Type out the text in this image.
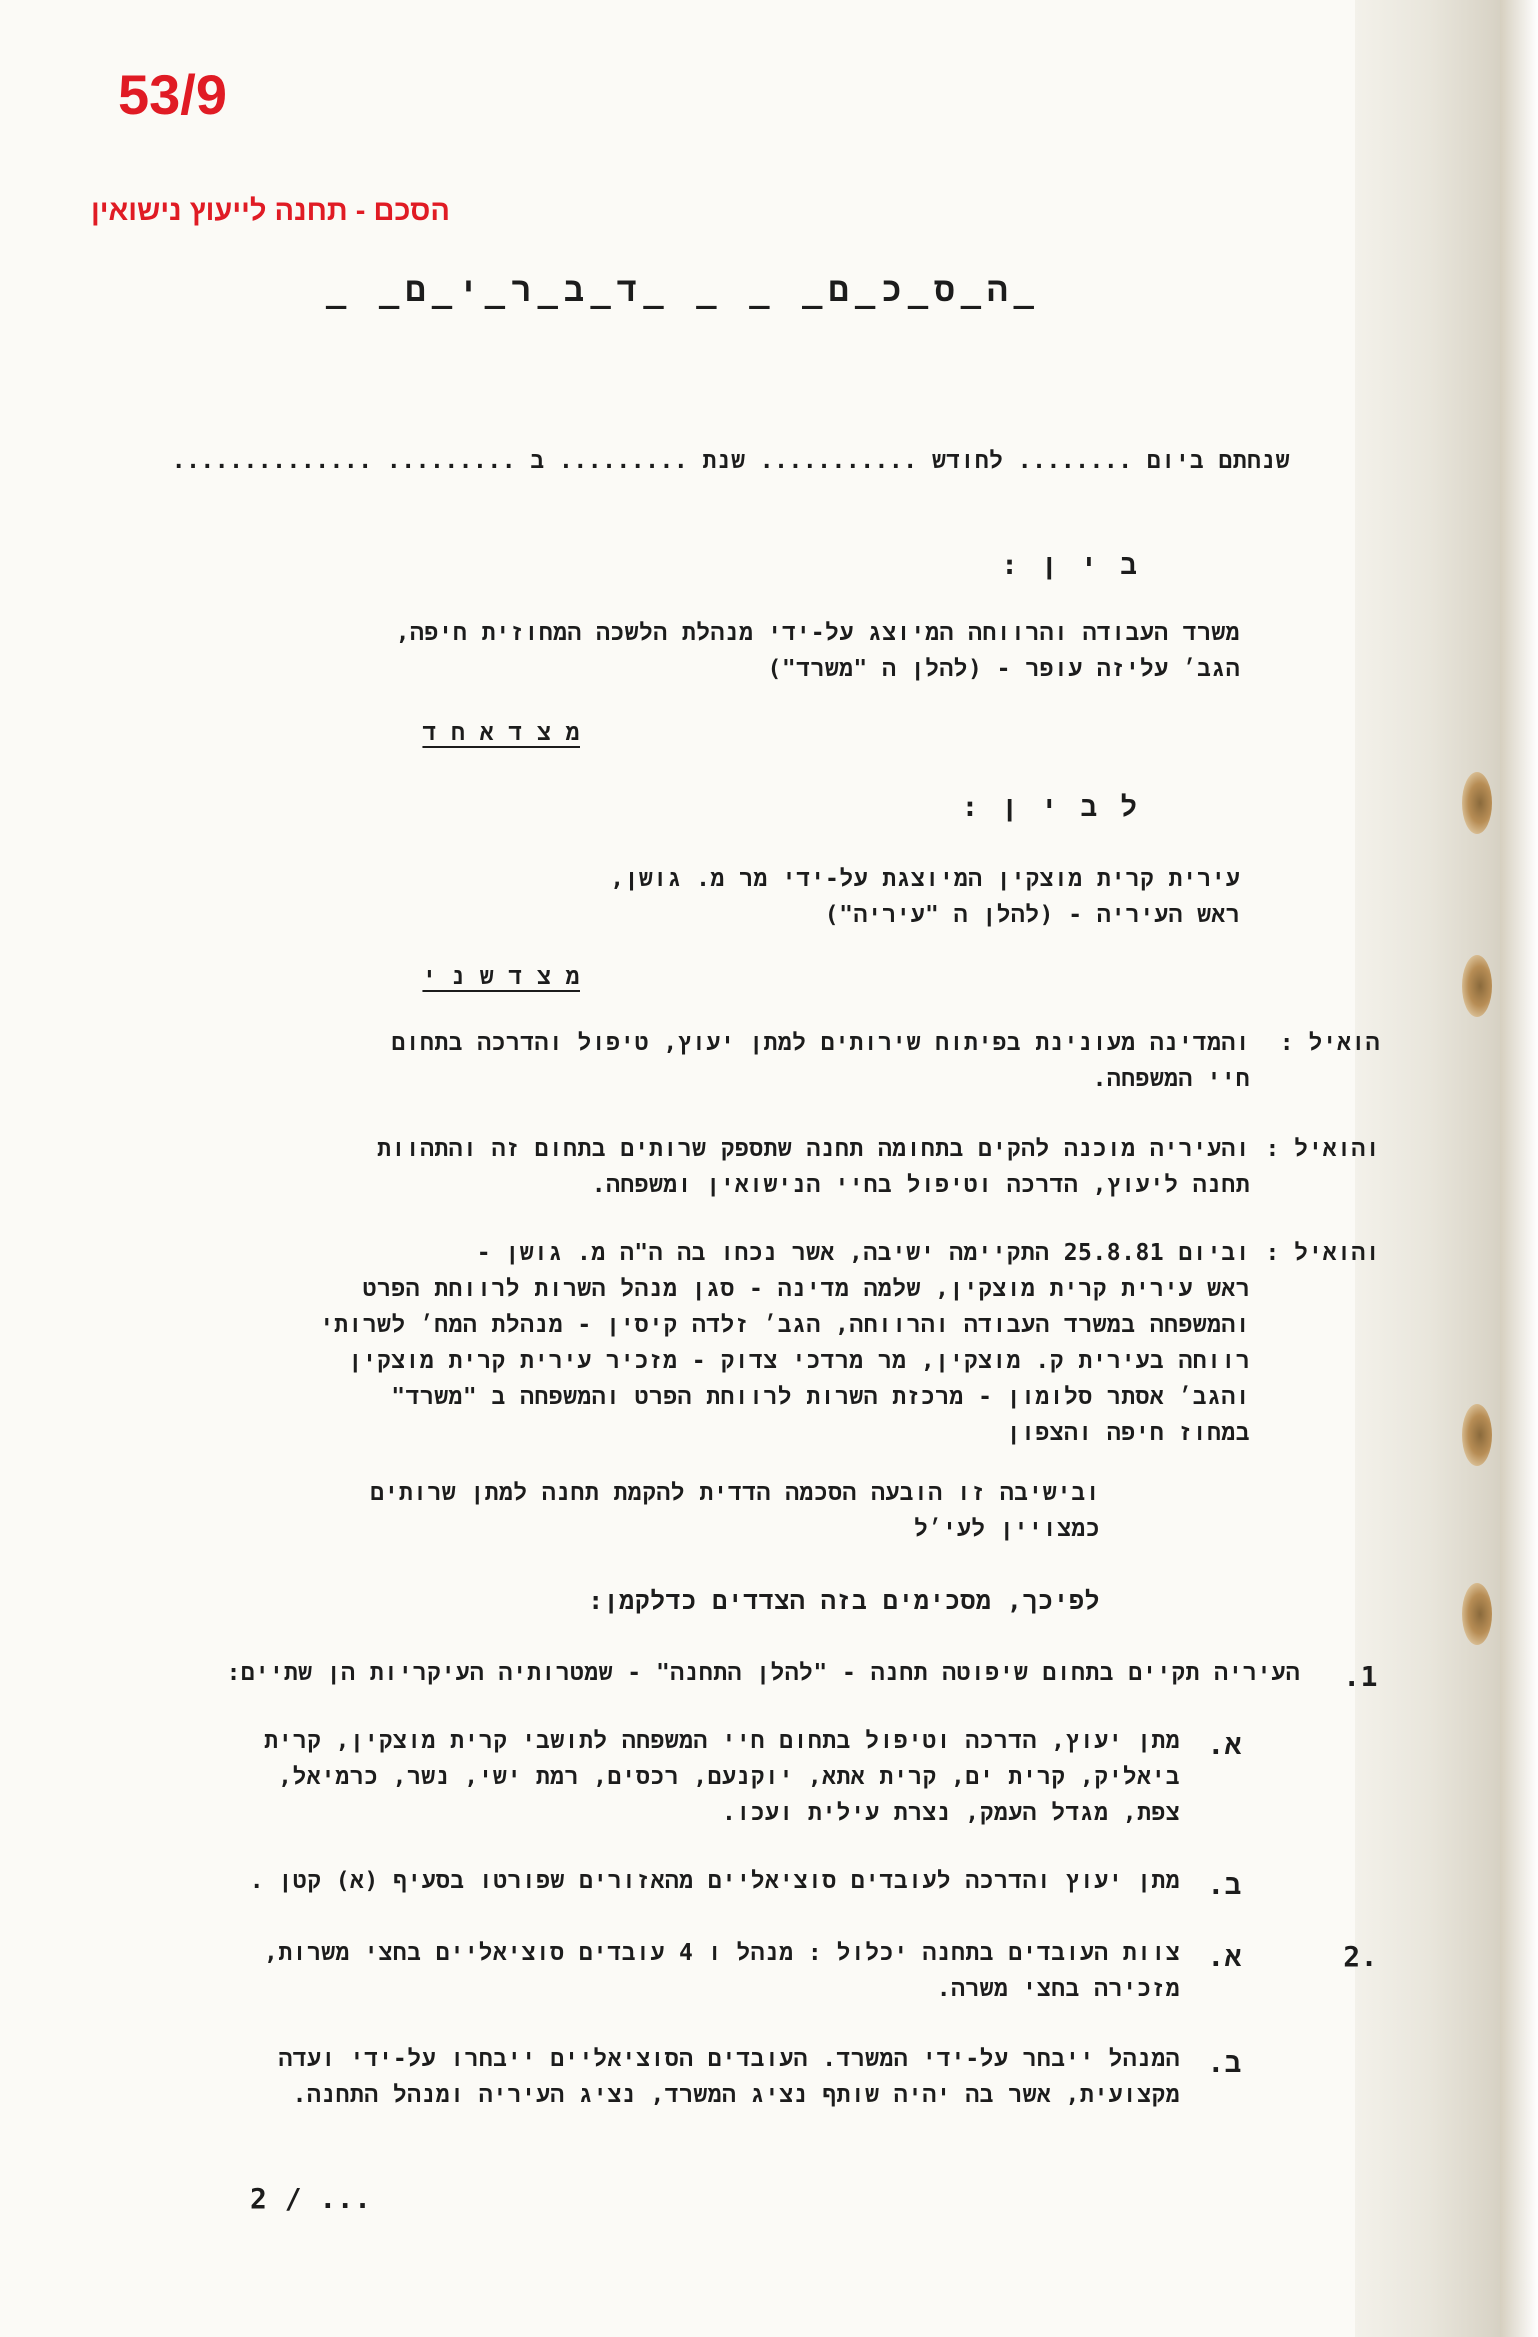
53/9
הסכם - תחנה לייעוץ נישואין
_ה_ס_כ_ם_ _ _ _ד_ב_ר_י_ם_ _
שנחתם ביום ........ לחודש ........... שנת ......... ב ......... ..............
ב י ן :
משרד העבודה והרווחה המיוצג על-ידי מנהלת הלשכה המחוזית חיפה,
הגב׳ עליזה עופר - (להלן ה "משרד")
מ צ ד א ח ד
ל ב י ן :
עירית קרית מוצקין המיוצגת על-ידי מר מ. גושן,
ראש העיריה - (להלן ה "עיריה")
מ צ ד ש נ י
הואיל :
והמדינה מעונינת בפיתוח שירותים למתן יעוץ, טיפול והדרכה בתחום
חיי המשפחה.
והואיל :
והעיריה מוכנה להקים בתחומה תחנה שתספק שרותים בתחום זה והתהוות
תחנה ליעוץ, הדרכה וטיפול בחיי הנישואין ומשפחה.
והואיל :
וביום 25.8.81 התקיימה ישיבה, אשר נכחו בה ה"ה מ. גושן -
ראש עירית קרית מוצקין, שלמה מדינה - סגן מנהל השרות לרווחת הפרט
והמשפחה במשרד העבודה והרווחה, הגב׳ זלדה קיסין - מנהלת המח׳ לשרותי
רווחה בעירית ק. מוצקין, מר מרדכי צדוק - מזכיר עירית קרית מוצקין
והגב׳ אסתר סלומון - מרכזת השרות לרווחת הפרט והמשפחה ב "משרד"
במחוז חיפה והצפון
ובישיבה זו הובעה הסכמה הדדית להקמת תחנה למתן שרותים
כמצויין לעי׳ל
לפיכך, מסכימים בזה הצדדים כדלקמן:
1.
העיריה תקיים בתחום שיפוטה תחנה - "להלן התחנה" - שמטרותיה העיקריות הן שתיים:
א.
מתן יעוץ, הדרכה וטיפול בתחום חיי המשפחה לתושבי קרית מוצקין, קרית
ביאליק, קרית ים, קרית אתא, יוקנעם, רכסים, רמת ישי, נשר, כרמיאל,
צפת, מגדל העמק, נצרת עילית ועכו.
ב.
מתן יעוץ והדרכה לעובדים סוציאליים מהאזורים שפורטו בסעיף (א) קטן .
.2
א.
צוות העובדים בתחנה יכלול : מנהל ו 4 עובדים סוציאליים בחצי משרות,
מזכירה בחצי משרה.
ב.
המנהל ייבחר על-ידי המשרד. העובדים הסוציאליים ייבחרו על-ידי ועדה
מקצועית, אשר בה יהיה שותף נציג המשרד, נציג העיריה ומנהל התחנה.
2 / ...
